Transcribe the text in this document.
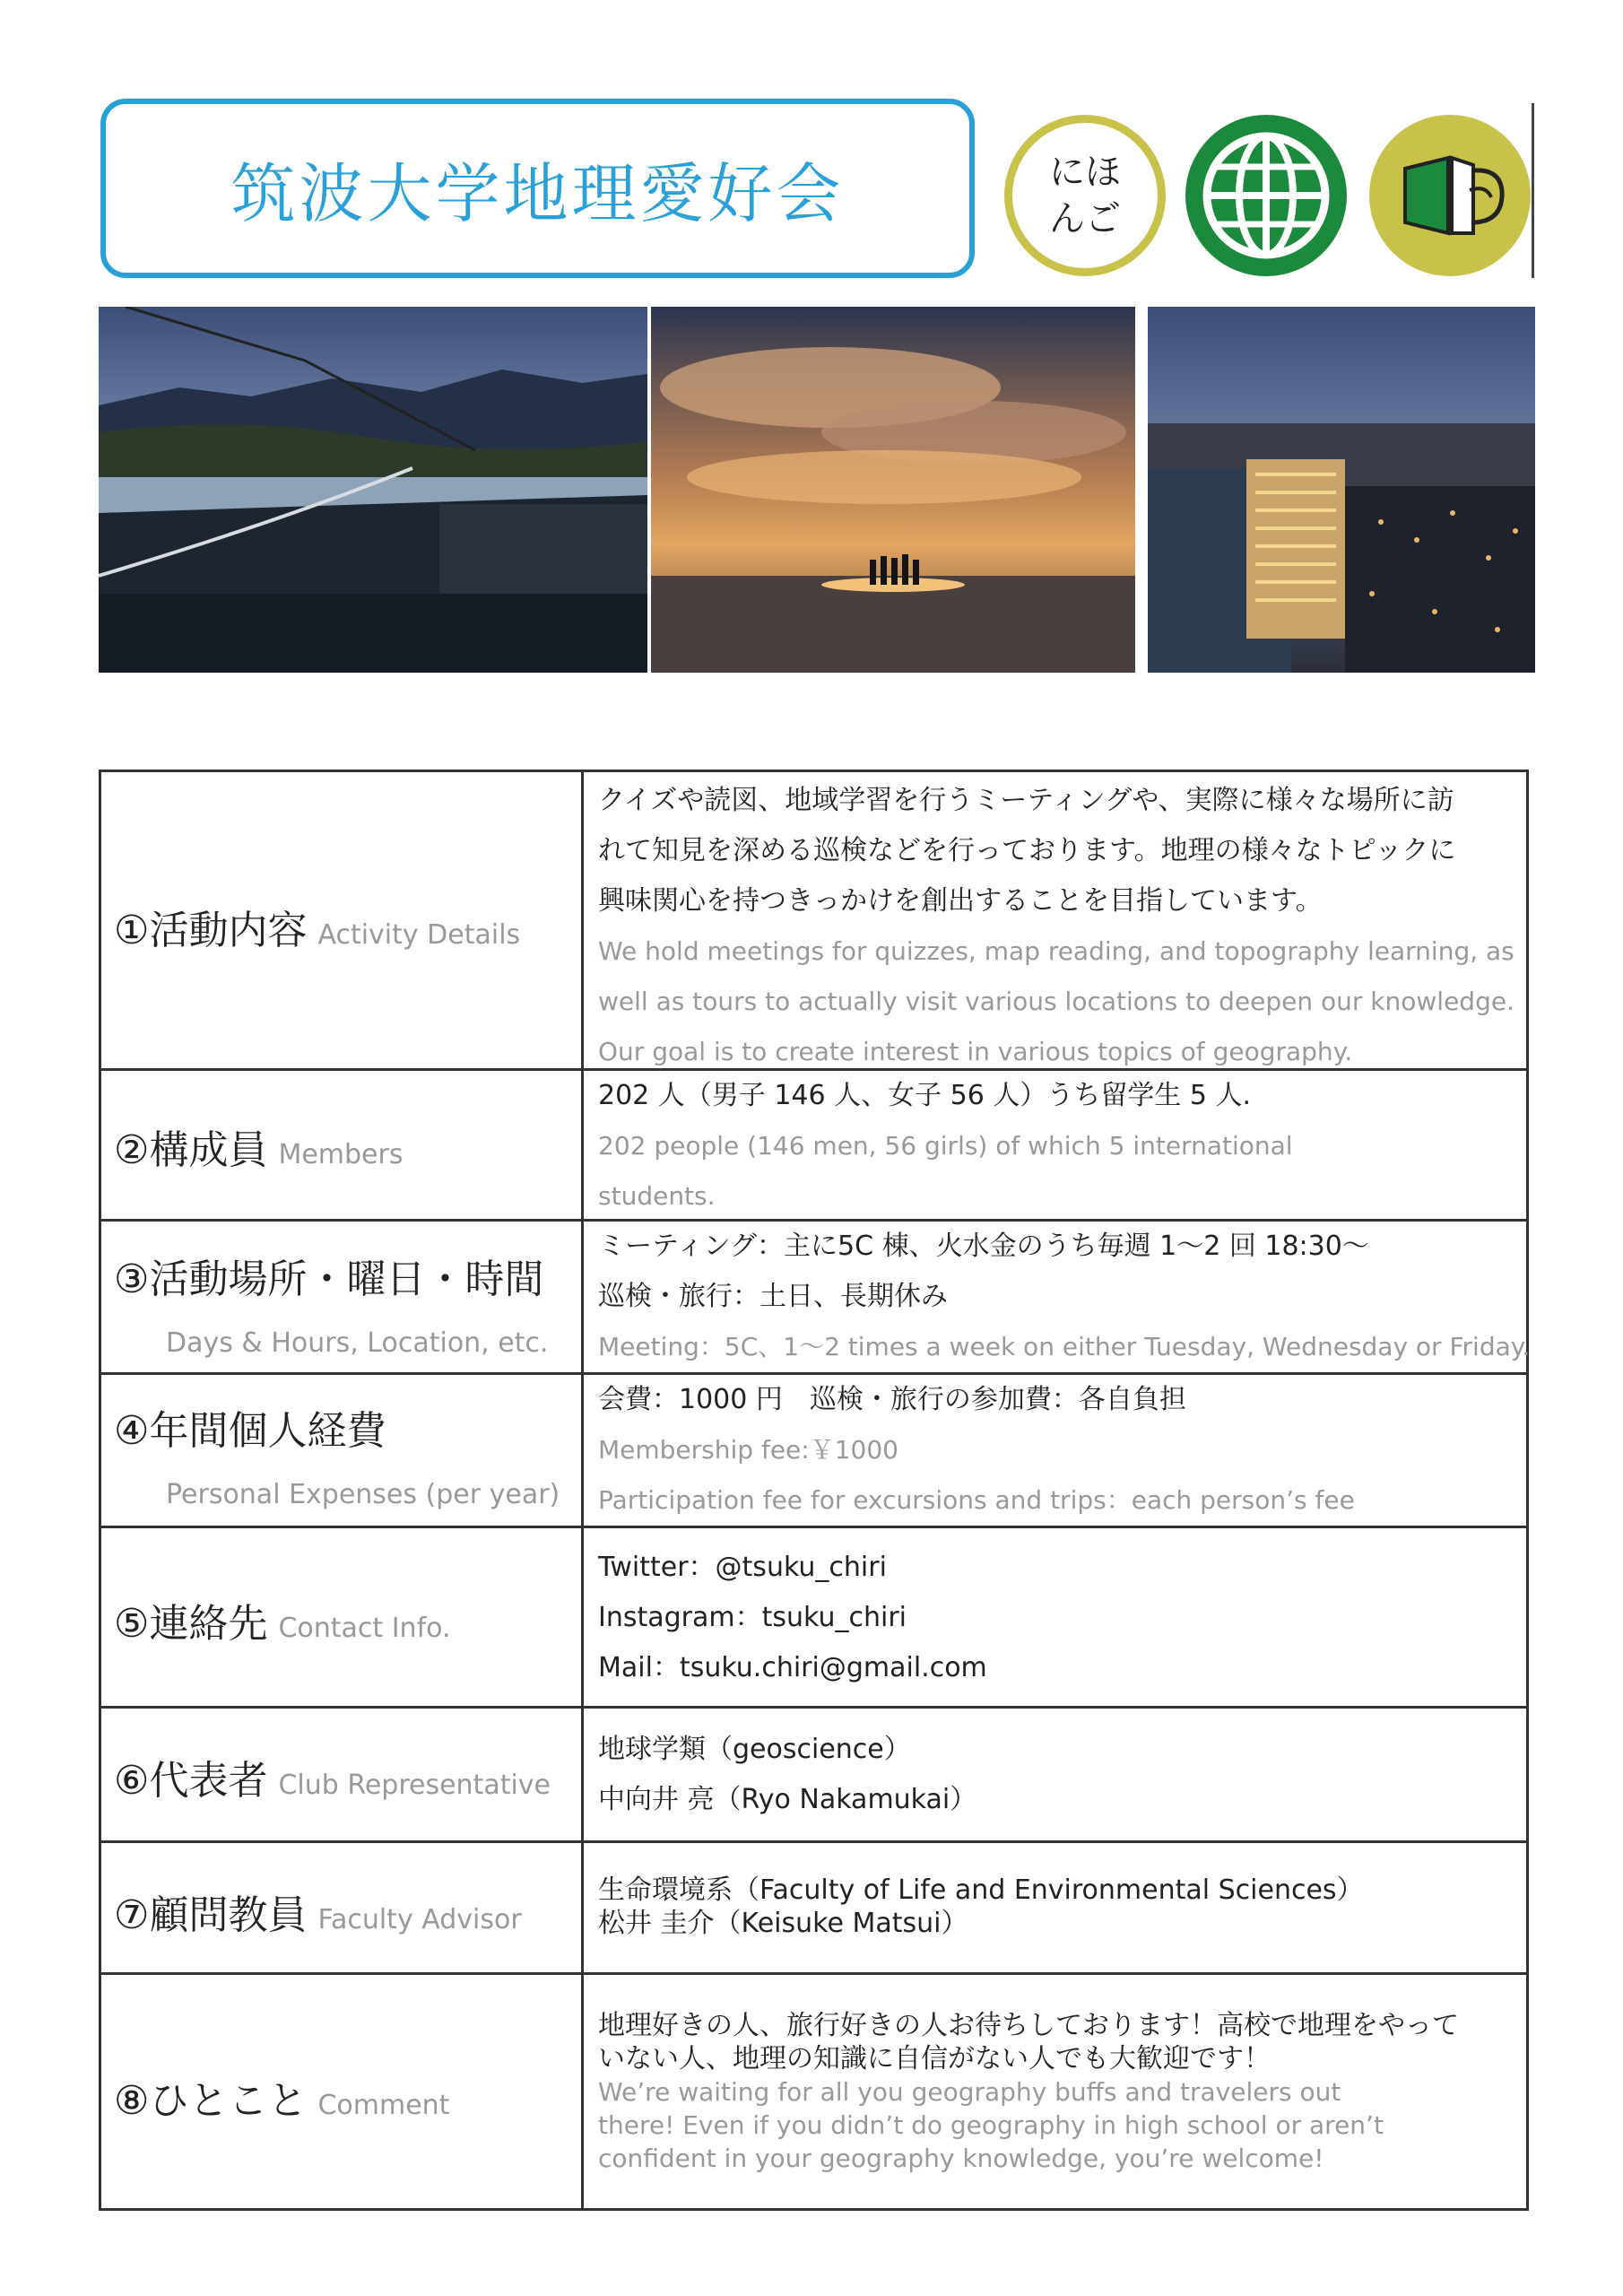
筑波大学地理愛好会	にほんご
①活動内容 Activity Details
クイズや読図、地域学習を行うミーティングや、実際に様々な場所に訪
れて知見を深める巡検などを行っております。地理の様々なトピックに
興味関心を持つきっかけを創出することを目指しています。
We hold meetings for quizzes, map reading, and topography learning, as
well as tours to actually visit various locations to deepen our knowledge.
Our goal is to create interest in various topics of geography.
②構成員 Members
202 人（男子 146 人、女子 56 人）うち留学生 5 人.
202 people (146 men, 56 girls) of which 5 international
students.
③活動場所・曜日・時間
Days & Hours, Location, etc.
ミーティング：主に5C 棟、火水金のうち毎週 1～2 回 18:30～
巡検・旅行：土日、長期休み
Meeting：5C、1～2 times a week on either Tuesday, Wednesday or Friday.
④年間個人経費
Personal Expenses (per year)
会費：1000 円　巡検・旅行の参加費：各自負担
Membership fee:￥1000
Participation fee for excursions and trips：each person’s fee
⑤連絡先 Contact Info.
Twitter：@tsuku_chiri
Instagram：tsuku_chiri
Mail：tsuku.chiri@gmail.com
⑥代表者 Club Representative
地球学類（geoscience）
中向井 亮（Ryo Nakamukai）
⑦顧問教員 Faculty Advisor
生命環境系（Faculty of Life and Environmental Sciences）
松井 圭介（Keisuke Matsui）
⑧ひとこと Comment
地理好きの人、旅行好きの人お待ちしております！高校で地理をやって
いない人、地理の知識に自信がない人でも大歓迎です！
We’re waiting for all you geography buffs and travelers out
there! Even if you didn’t do geography in high school or aren’t
confident in your geography knowledge, you’re welcome!
